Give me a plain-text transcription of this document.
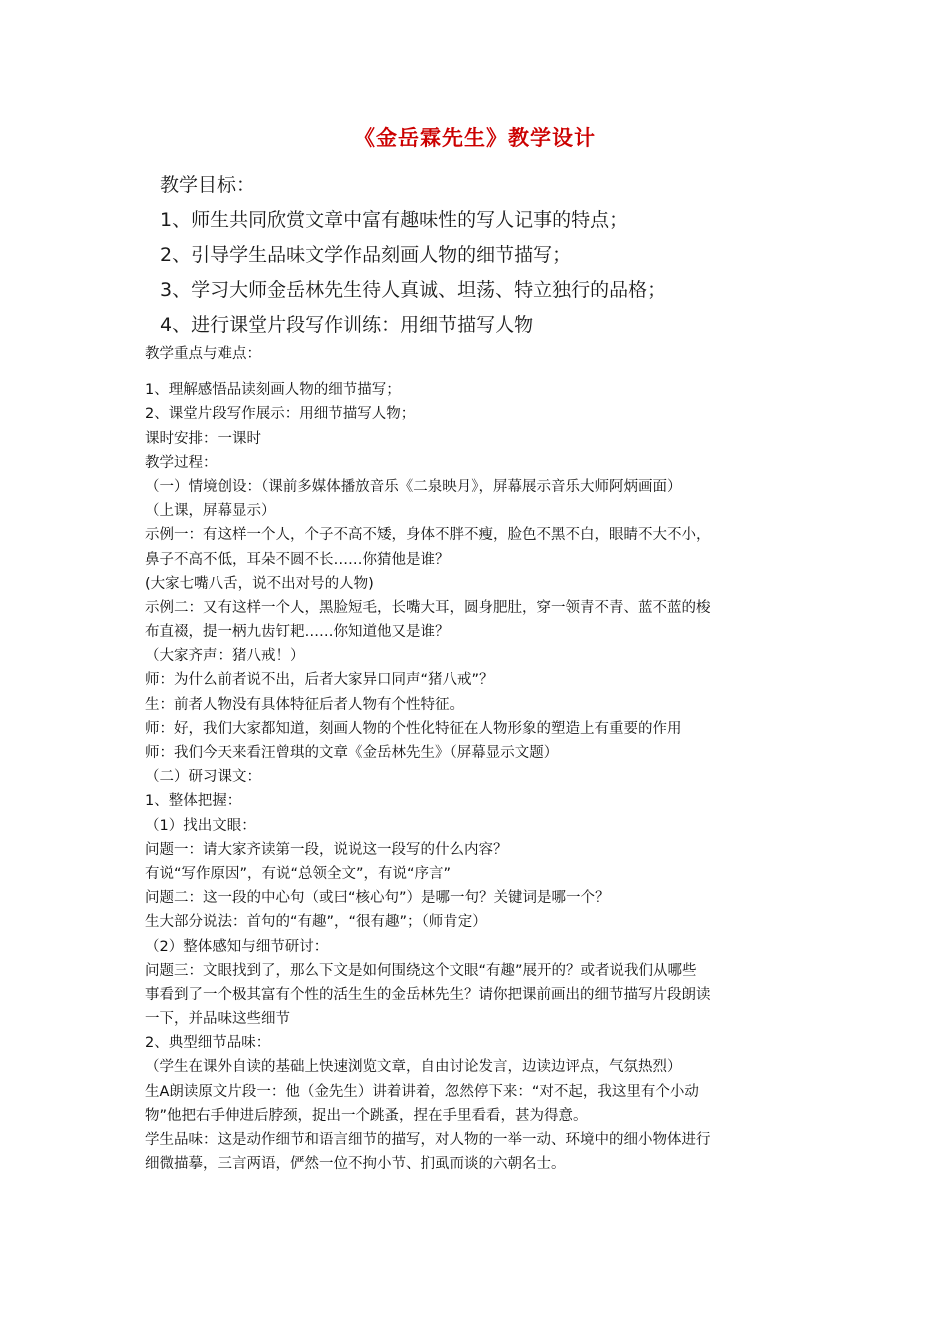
《金岳霖先生》教学设计
教学目标：
1、师生共同欣赏文章中富有趣味性的写人记事的特点；
2、引导学生品味文学作品刻画人物的细节描写；
3、学习大师金岳林先生待人真诚、坦荡、特立独行的品格；
4、进行课堂片段写作训练：用细节描写人物
教学重点与难点：
1、理解感悟品读刻画人物的细节描写；
2、课堂片段写作展示：用细节描写人物；
课时安排：一课时
教学过程：
（一）情境创设：（课前多媒体播放音乐《二泉映月》，屏幕展示音乐大师阿炳画面）
（上课，屏幕显示）
示例一：有这样一个人，个子不高不矮，身体不胖不瘦，脸色不黑不白，眼睛不大不小，
鼻子不高不低，耳朵不圆不长……你猜他是谁？
(大家七嘴八舌，说不出对号的人物)
示例二：又有这样一个人，黑脸短毛，长嘴大耳，圆身肥肚，穿一领青不青、蓝不蓝的梭
布直裰，提一柄九齿钉耙……你知道他又是谁？
（大家齐声：猪八戒！）
师：为什么前者说不出，后者大家异口同声“猪八戒”？
生：前者人物没有具体特征后者人物有个性特征。
师：好，我们大家都知道，刻画人物的个性化特征在人物形象的塑造上有重要的作用
师：我们今天来看汪曾琪的文章《金岳林先生》（屏幕显示文题）
（二）研习课文：
1、整体把握：
（1）找出文眼：
问题一：请大家齐读第一段，说说这一段写的什么内容？
有说“写作原因”，有说“总领全文”，有说“序言”
问题二：这一段的中心句（或曰“核心句”）是哪一句？关键词是哪一个？
生大部分说法：首句的“有趣”，“很有趣”；（师肯定）
（2）整体感知与细节研讨：
问题三：文眼找到了，那么下文是如何围绕这个文眼“有趣”展开的？或者说我们从哪些
事看到了一个极其富有个性的活生生的金岳林先生？请你把课前画出的细节描写片段朗读
一下，并品味这些细节
2、典型细节品味：
（学生在课外自读的基础上快速浏览文章，自由讨论发言，边读边评点，气氛热烈）
生A朗读原文片段一：他（金先生）讲着讲着，忽然停下来：“对不起，我这里有个小动
物”他把右手伸进后脖颈，捉出一个跳蚤，捏在手里看看，甚为得意。
学生品味：这是动作细节和语言细节的描写，对人物的一举一动、环境中的细小物体进行
细微描摹，三言两语，俨然一位不拘小节、扪虱而谈的六朝名士。
